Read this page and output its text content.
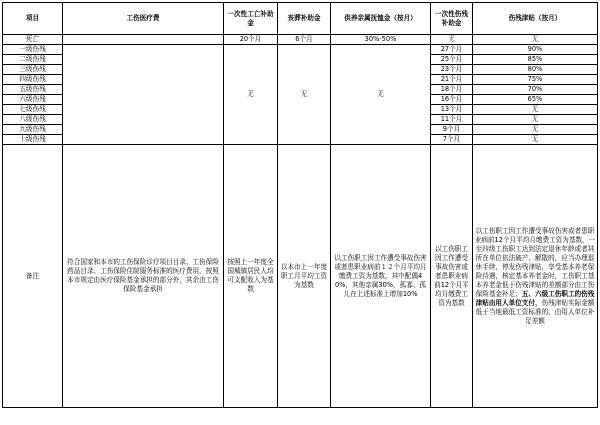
项目	工伤医疗费	一次性工亡补助金	丧葬补助金	供养亲属抚恤金（按月）	一次性伤残补助金	伤残津贴（按月）
死亡		20个月	6个月	30%-50%	无	无
一级伤残		无	无	无	27个月	90%
二级伤残					25个月	85%
三级伤残					23个月	80%
四级伤残					21个月	75%
五级伤残					18个月	70%
六级伤残					16个月	65%
七级伤残					13个月	无
八级伤残					11个月	无
九级伤残					9个月	无
十级伤残					7个月	无
备注	符合国家和本市的工伤保险诊疗项目目录、工伤保险药品目录、工伤保险住院服务标准的医疗费用，按照本市规定由医疗保险基金承担的部分外，其余由工伤保险基金承担	按照上一年度全国城镇居民人均可支配收入为基数	以本市上一年度职工月平均工资为基数	以工伤职工因工作遭受事故伤害或者患职业病前１２个月平均月缴费工资为基数，其中配偶40%，其他亲属30%，孤寡、孤儿在上述标准上增加10%	以工伤职工因工作遭受事故伤害或者患职业病前12个月平均月缴费工资为基数	以工伤职工因工作遭受事故伤害或者患职业病前12个月平均月缴费工资为基数，一至四级工伤职工达到法定退休年龄或者其所在单位依法破产、解散的，应当办理退休手续，停发伤残津贴，享受基本养老保险待遇，核定基本养老金时，工伤职工基本养老金低于伤残津贴的差额部分由工伤保险基金补足；五、六级工伤职工的伤残津贴由用人单位支付，伤残津贴实际金额低于当地最低工资标准的，由用人单位补足差额
